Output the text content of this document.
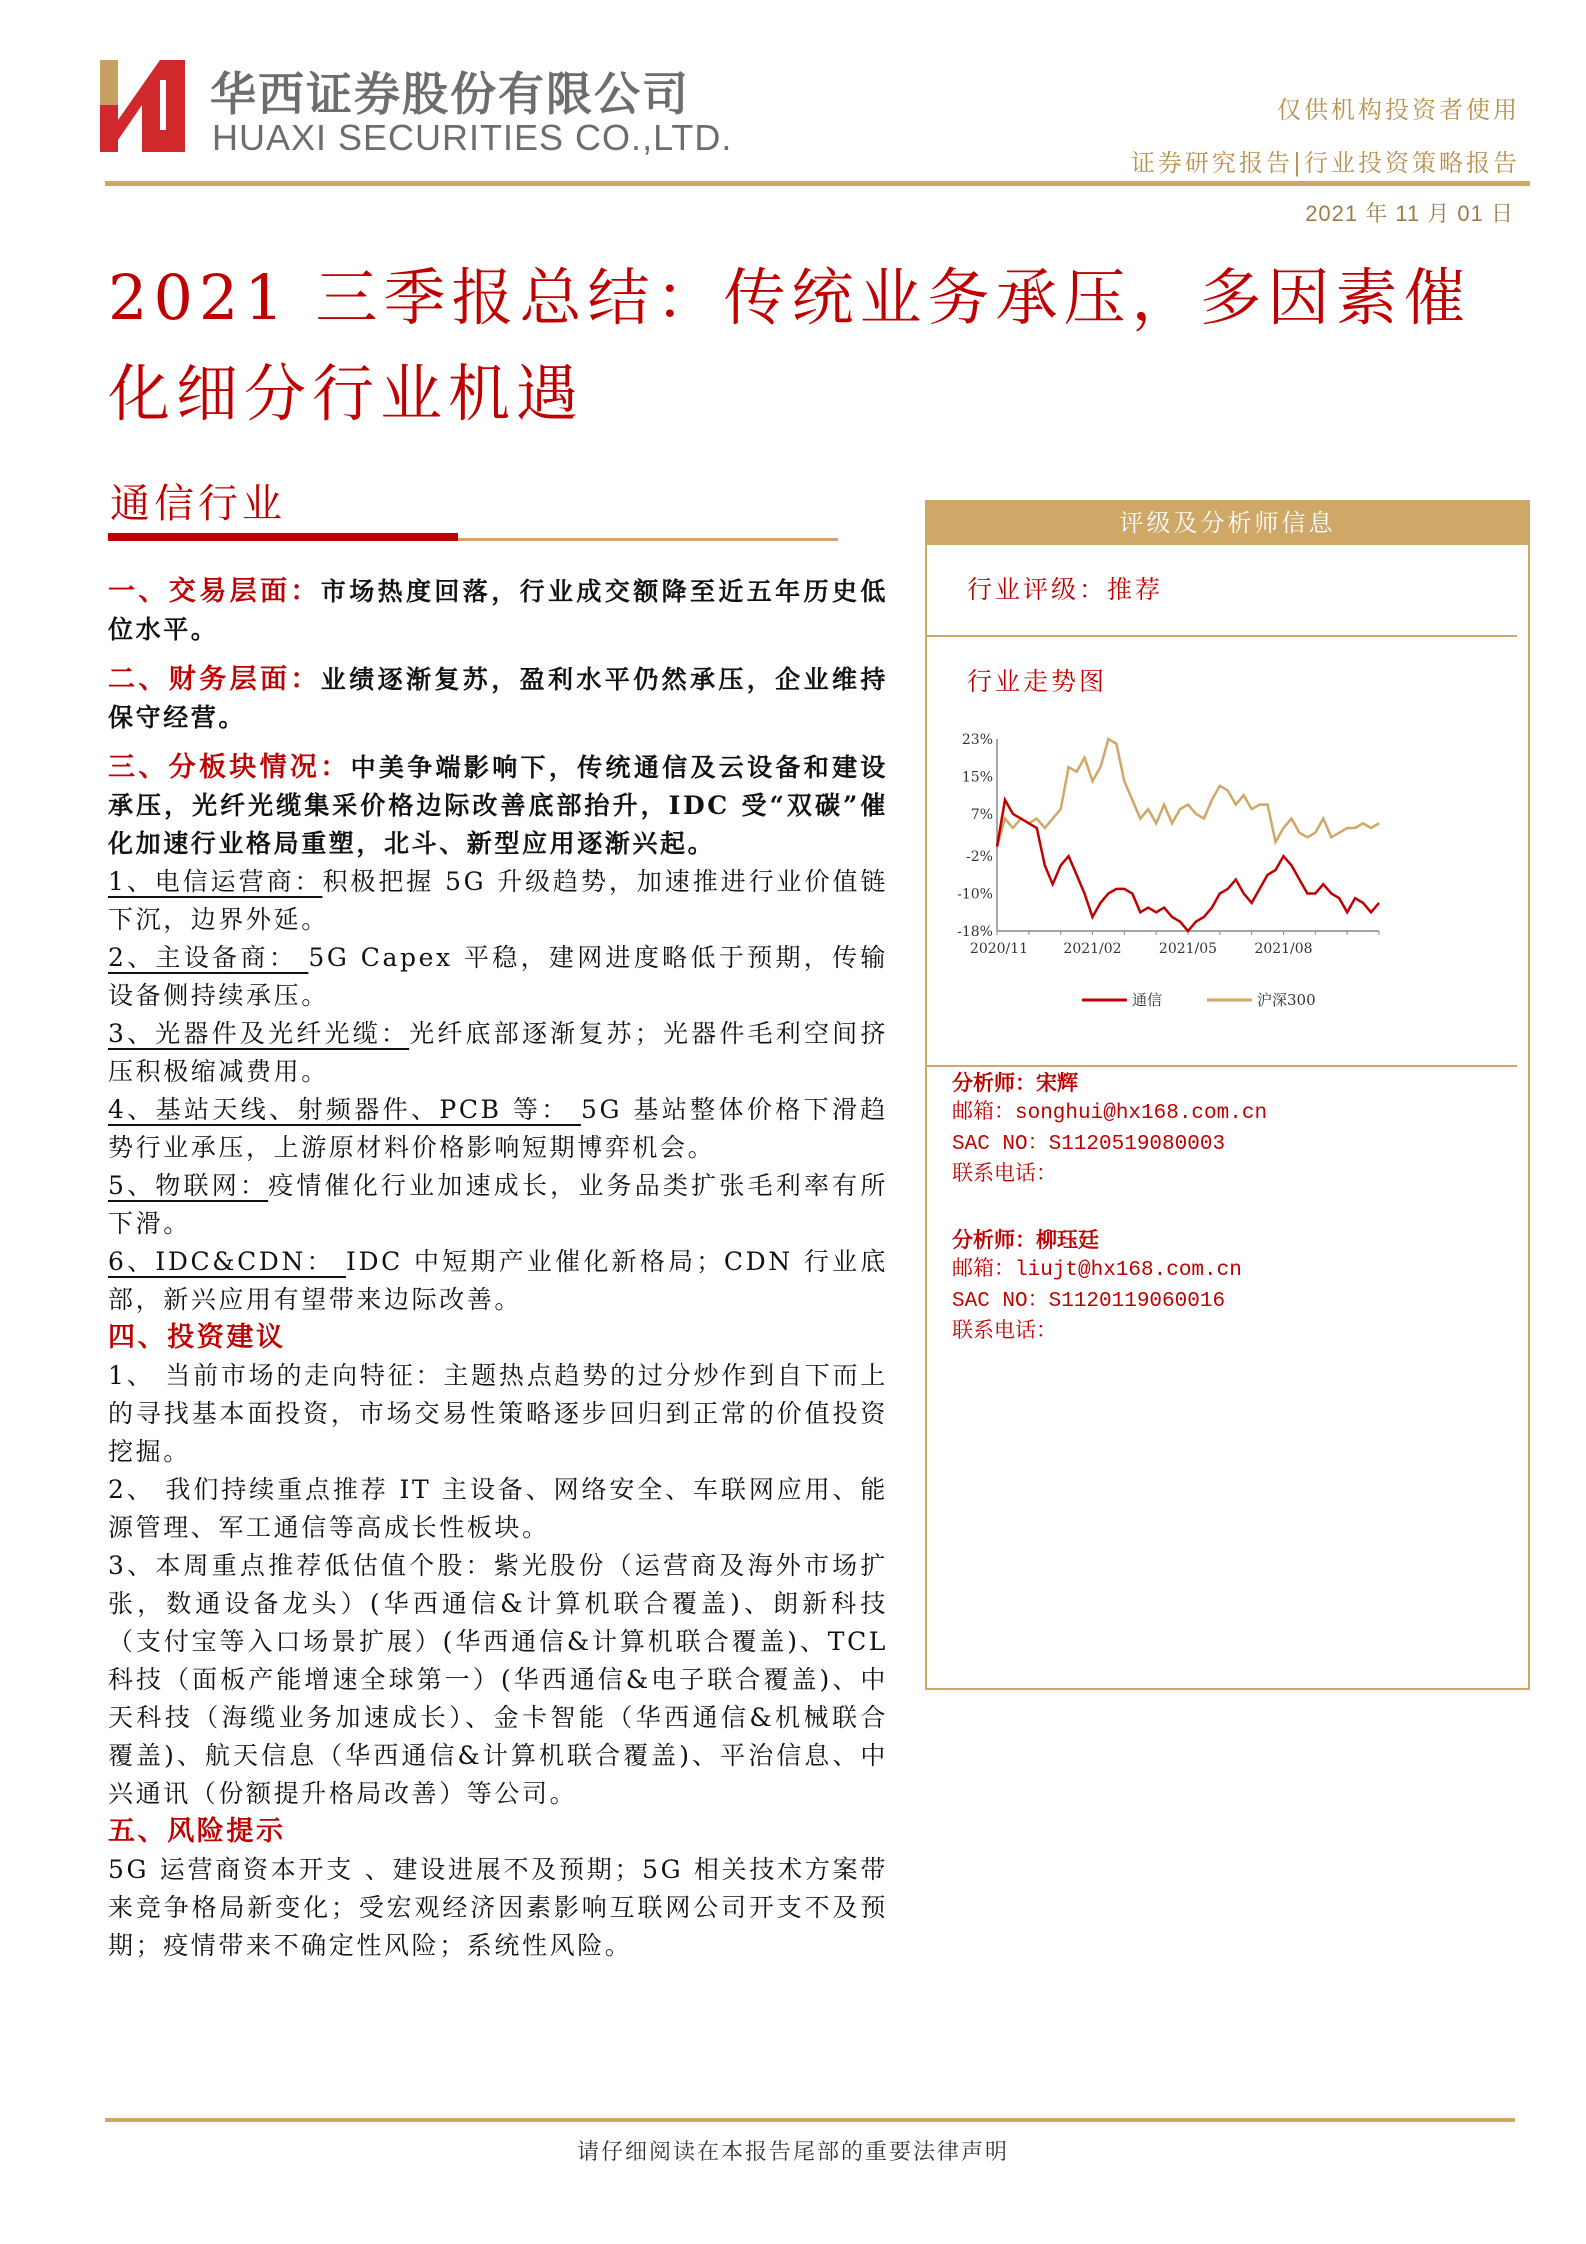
华西证券股份有限公司
HUAXI SECURITIES CO.,LTD.
仅供机构投资者使用
证券研究报告|行业投资策略报告
2021 年 11 月 01 日
2021 三季报总结：传统业务承压，多因素催化细分行业机遇
通信行业

一、交易层面：市场热度回落，行业成交额降至近五年历史低位水平。

二、财务层面：业绩逐渐复苏，盈利水平仍然承压，企业维持保守经营。

三、分板块情况：中美争端影响下，传统通信及云设备和建设承压，光纤光缆集采价格边际改善底部抬升，IDC 受“双碳”催化加速行业格局重塑，北斗、新型应用逐渐兴起。

1、电信运营商：积极把握 5G 升级趋势，加速推进行业价值链下沉，边界外延。

2、主设备商： 5G Capex 平稳，建网进度略低于预期，传输设备侧持续承压。

3、光器件及光纤光缆：光纤底部逐渐复苏；光器件毛利空间挤压积极缩减费用。

4、基站天线、射频器件、PCB 等： 5G 基站整体价格下滑趋势行业承压，上游原材料价格影响短期博弈机会。

5、物联网：疫情催化行业加速成长，业务品类扩张毛利率有所下滑。

6、IDC&CDN： IDC 中短期产业催化新格局；CDN 行业底部，新兴应用有望带来边际改善。

四、投资建议

1、 当前市场的走向特征：主题热点趋势的过分炒作到自下而上的寻找基本面投资，市场交易性策略逐步回归到正常的价值投资挖掘。

2、 我们持续重点推荐 IT 主设备、网络安全、车联网应用、能源管理、军工通信等高成长性板块。

3、本周重点推荐低估值个股：紫光股份（运营商及海外市场扩张，数通设备龙头）(华西通信&计算机联合覆盖)、朗新科技（支付宝等入口场景扩展）(华西通信&计算机联合覆盖)、TCL 科技（面板产能增速全球第一）(华西通信&电子联合覆盖)、中天科技（海缆业务加速成长）、金卡智能（华西通信&机械联合覆盖)、航天信息（华西通信&计算机联合覆盖)、平治信息、中兴通讯（份额提升格局改善）等公司。

五、风险提示

5G 运营商资本开支 、建设进展不及预期；5G 相关技术方案带来竞争格局新变化；受宏观经济因素影响互联网公司开支不及预期；疫情带来不确定性风险；系统性风险。

评级及分析师信息
行业评级：推荐
行业走势图
-18%
-10%
-2%
7%
15%
23%
2020/11	2021/02	2021/05	2021/08
通信	沪深300
分析师：宋辉
邮箱：songhui@hx168.com.cn
SAC NO：S1120519080003
联系电话：
分析师：柳珏廷
邮箱：liujt@hx168.com.cn
SAC NO：S1120119060016
联系电话：
请仔细阅读在本报告尾部的重要法律声明
